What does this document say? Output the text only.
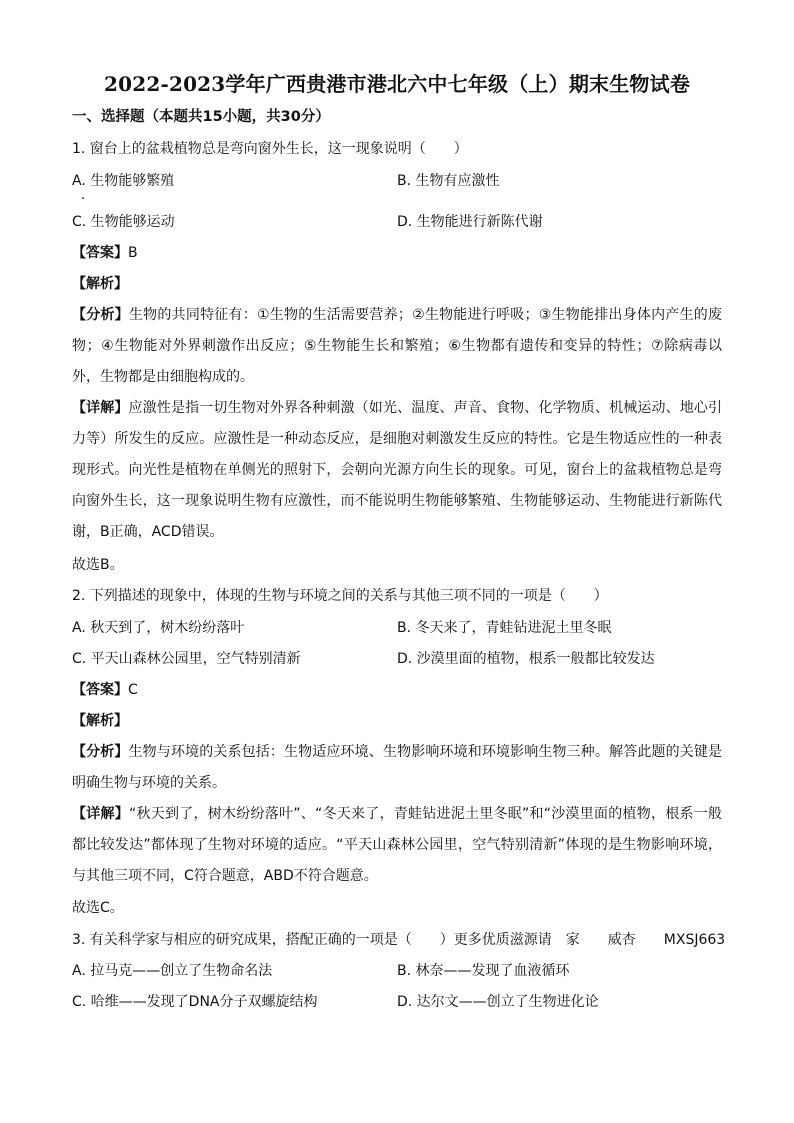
2022-2023学年广西贵港市港北六中七年级（上）期末生物试卷
一、选择题（本题共15小题，共30分）
1. 窗台上的盆栽植物总是弯向窗外生长，这一现象说明（　　）
A. 生物能够繁殖	B. 生物有应激性
C. 生物能够运动	D. 生物能进行新陈代谢
【答案】B
【解析】
【分析】生物的共同特征有：①生物的生活需要营养；②生物能进行呼吸；③生物能排出身体内产生的废物；④生物能对外界刺激作出反应；⑤生物能生长和繁殖；⑥生物都有遗传和变异的特性；⑦除病毒以外，生物都是由细胞构成的。
【详解】应激性是指一切生物对外界各种刺激（如光、温度、声音、食物、化学物质、机械运动、地心引力等）所发生的反应。应激性是一种动态反应，是细胞对刺激发生反应的特性。它是生物适应性的一种表现形式。向光性是植物在单侧光的照射下，会朝向光源方向生长的现象。可见，窗台上的盆栽植物总是弯向窗外生长，这一现象说明生物有应激性，而不能说明生物能够繁殖、生物能够运动、生物能进行新陈代谢，B正确，ACD错误。
故选B。
2. 下列描述的现象中，体现的生物与环境之间的关系与其他三项不同的一项是（　　）
A. 秋天到了，树木纷纷落叶	B. 冬天来了，青蛙钻进泥土里冬眠
C. 平天山森林公园里，空气特别清新	D. 沙漠里面的植物，根系一般都比较发达
【答案】C
【解析】
【分析】生物与环境的关系包括：生物适应环境、生物影响环境和环境影响生物三种。解答此题的关键是明确生物与环境的关系。
【详解】“秋天到了，树木纷纷落叶”、“冬天来了，青蛙钻进泥土里冬眠”和“沙漠里面的植物，根系一般都比较发达”都体现了生物对环境的适应。“平天山森林公园里，空气特别清新”体现的是生物影响环境，与其他三项不同，C符合题意，ABD不符合题意。
故选C。
3. 有关科学家与相应的研究成果，搭配正确的一项是（　　）更多优质滋源请　家　　威杏　　MXSJ663
A. 拉马克——创立了生物命名法	B. 林奈——发现了血液循环
C. 哈维——发现了DNA分子双螺旋结构	D. 达尔文——创立了生物进化论
